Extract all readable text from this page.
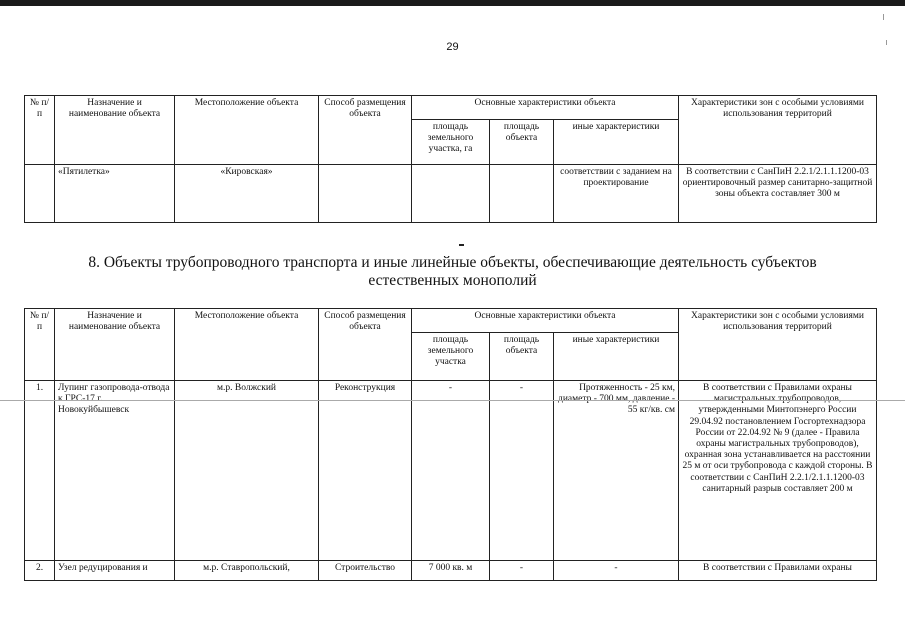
29
№ п/п	Назначение и наименование объекта	Местоположение объекта	Способ размещения объекта	Основные характеристики объекта			Характеристики зон с особыми условиями использования территорий
				площадь земельного участка, га	площадь объекта	иные характеристики	
	«Пятилетка»	«Кировская»				соответствии с заданием на проектирование	В соответствии с СанПиН 2.2.1/2.1.1.1200-03 ориентировочный размер санитарно-защитной зоны объекта составляет 300 м
8. Объекты трубопроводного транспорта и иные линейные объекты, обеспечивающие деятельность субъектов естественных монополий
№ п/п	Назначение и наименование объекта	Местоположение объекта	Способ размещения объекта	Основные характеристики объекта			Характеристики зон с особыми условиями использования территорий
				площадь земельного участка	площадь объекта	иные характеристики	
1.	Лупинг газопровода-отвода Новокуйбышевск	м.р. Волжский	Реконструкция	-	-	Протяженность - 25 км, 55 кг/кв. см	В соответствии с Правилами охраны утвержденными Минтопэнерго России 29.04.92 постановлением Госгортехнадзора России от 22.04.92 № 9 (далее - Правила охраны магистральных трубопроводов), охранная зона устанавливается на расстоянии 25 м от оси трубопровода с каждой стороны. В соответствии с СанПиН 2.2.1/2.1.1.1200-03 санитарный разрыв составляет 200 м
2.	Узел редуцирования и	м.р. Ставропольский,	Строительство	7 000 кв. м	-	-	В соответствии с Правилами охраны
